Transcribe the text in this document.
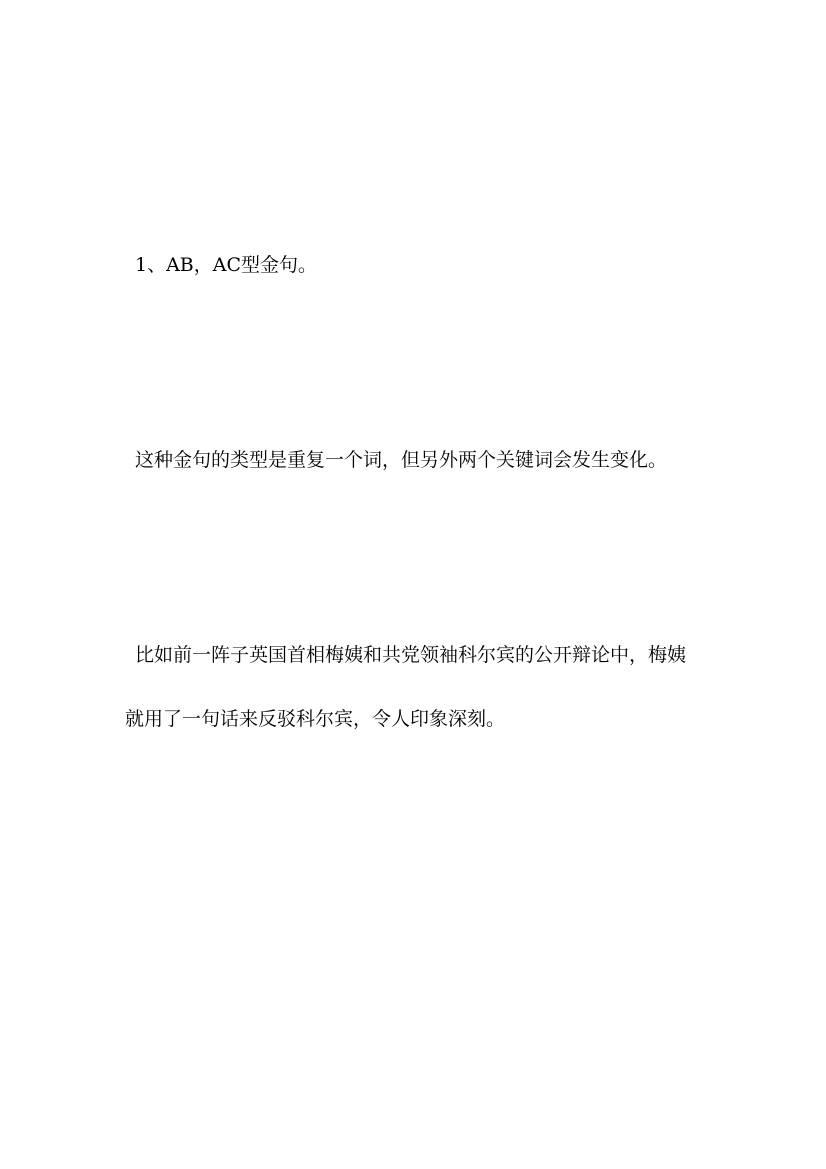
1、AB，AC型金句。
这种金句的类型是重复一个词，但另外两个关键词会发生变化。
比如前一阵子英国首相梅姨和共党领袖科尔宾的公开辩论中，梅姨
就用了一句话来反驳科尔宾，令人印象深刻。
